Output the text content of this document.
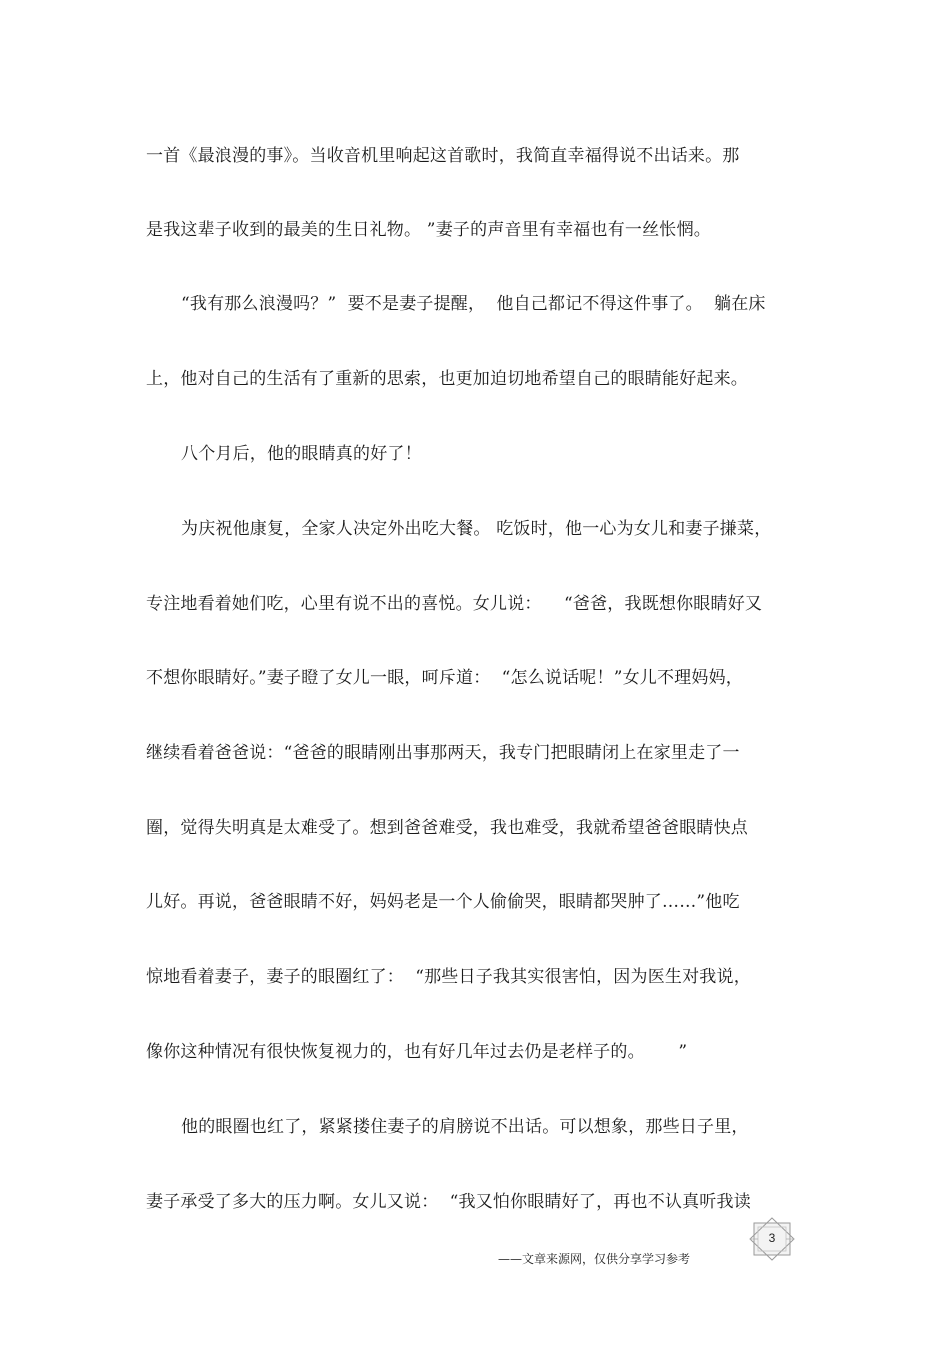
一首《最浪漫的事》。当收音机里响起这首歌时，我简直幸福得说不出话来。那
是我这辈子收到的最美的生日礼物。 ”妻子的声音里有幸福也有一丝怅惘。
“我有那么浪漫吗？”  要不是妻子提醒，  他自己都记不得这件事了。  躺在床
上，他对自己的生活有了重新的思索，也更加迫切地希望自己的眼睛能好起来。
八个月后，他的眼睛真的好了！
为庆祝他康复，全家人决定外出吃大餐。 吃饭时，他一心为女儿和妻子搛菜，
专注地看着她们吃，心里有说不出的喜悦。女儿说：    “爸爸，我既想你眼睛好又
不想你眼睛好。”妻子瞪了女儿一眼，呵斥道：  “怎么说话呢！”女儿不理妈妈，
继续看着爸爸说：“爸爸的眼睛刚出事那两天，我专门把眼睛闭上在家里走了一
圈，觉得失明真是太难受了。想到爸爸难受，我也难受，我就希望爸爸眼睛快点
儿好。再说，爸爸眼睛不好，妈妈老是一个人偷偷哭，眼睛都哭肿了……”他吃
惊地看着妻子，妻子的眼圈红了：  “那些日子我其实很害怕，因为医生对我说，
像你这种情况有很快恢复视力的，也有好几年过去仍是老样子的。      ”
他的眼圈也红了，紧紧搂住妻子的肩膀说不出话。可以想象，那些日子里，
妻子承受了多大的压力啊。女儿又说：  “我又怕你眼睛好了，再也不认真听我读
——文章来源网，仅供分享学习参考
3
